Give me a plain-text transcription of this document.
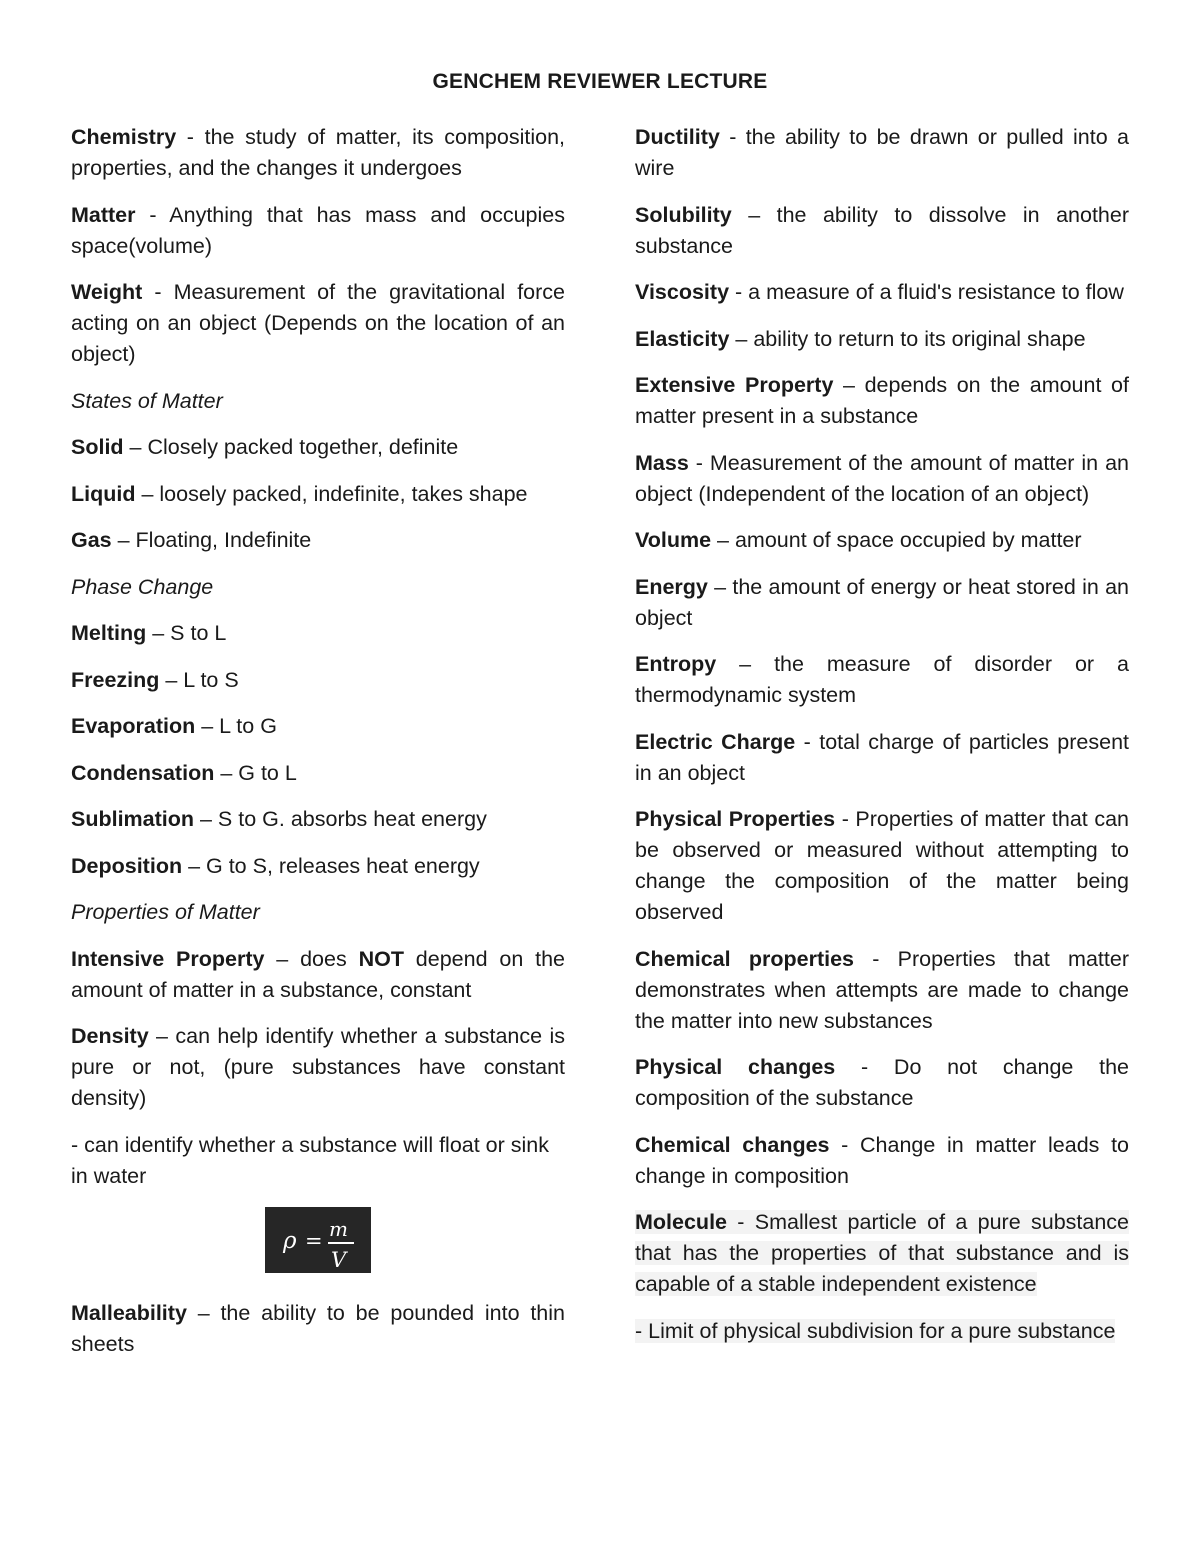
GENCHEM REVIEWER LECTURE

Chemistry - the study of matter, its composition, properties, and the changes it undergoes

Matter - Anything that has mass and occupies space(volume)

Weight - Measurement of the gravitational force acting on an object (Depends on the location of an object)

States of Matter

Solid – Closely packed together, definite

Liquid – loosely packed, indefinite, takes shape

Gas – Floating, Indefinite

Phase Change

Melting – S to L

Freezing – L to S

Evaporation – L to G

Condensation – G to L

Sublimation – S to G. absorbs heat energy

Deposition – G to S, releases heat energy

Properties of Matter

Intensive Property – does NOT depend on the amount of matter in a substance, constant

Density – can help identify whether a substance is pure or not, (pure substances have constant density)

- can identify whether a substance will float or sink in water

ρ = m
V

Malleability – the ability to be pounded into thin sheets

Ductility - the ability to be drawn or pulled into a wire

Solubility – the ability to dissolve in another substance

Viscosity - a measure of a fluid's resistance to flow

Elasticity – ability to return to its original shape

Extensive Property – depends on the amount of matter present in a substance

Mass - Measurement of the amount of matter in an object (Independent of the location of an object)

Volume – amount of space occupied by matter

Energy – the amount of energy or heat stored in an object

Entropy – the measure of disorder or a thermodynamic system

Electric Charge - total charge of particles present in an object

Physical Properties - Properties of matter that can be observed or measured without attempting to change the composition of the matter being observed

Chemical properties - Properties that matter demonstrates when attempts are made to change the matter into new substances

Physical changes - Do not change the composition of the substance

Chemical changes - Change in matter leads to change in composition

Molecule - Smallest particle of a pure substance that has the properties of that substance and is capable of a stable independent existence

- Limit of physical subdivision for a pure substance
